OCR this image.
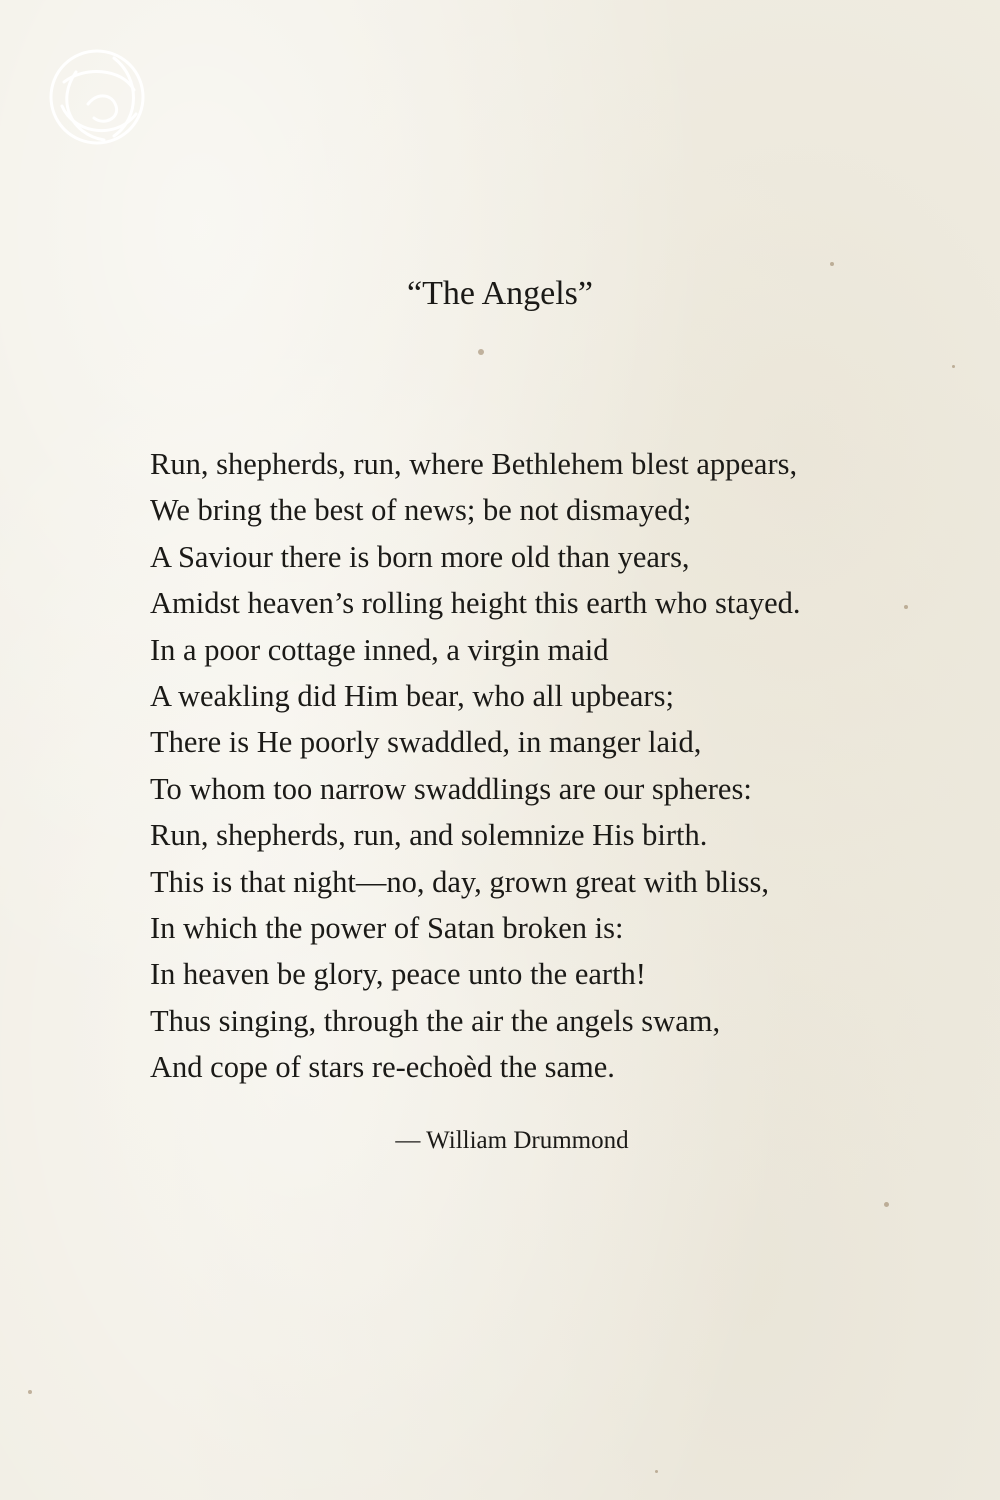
“The Angels”
Run, shepherds, run, where Bethlehem blest appears,
We bring the best of news; be not dismayed;
A Saviour there is born more old than years,
Amidst heaven’s rolling height this earth who stayed.
In a poor cottage inned, a virgin maid
A weakling did Him bear, who all upbears;
There is He poorly swaddled, in manger laid,
To whom too narrow swaddlings are our spheres:
Run, shepherds, run, and solemnize His birth.
This is that night—no, day, grown great with bliss,
In which the power of Satan broken is:
In heaven be glory, peace unto the earth!
Thus singing, through the air the angels swam,
And cope of stars re-echoèd the same.
— William Drummond
